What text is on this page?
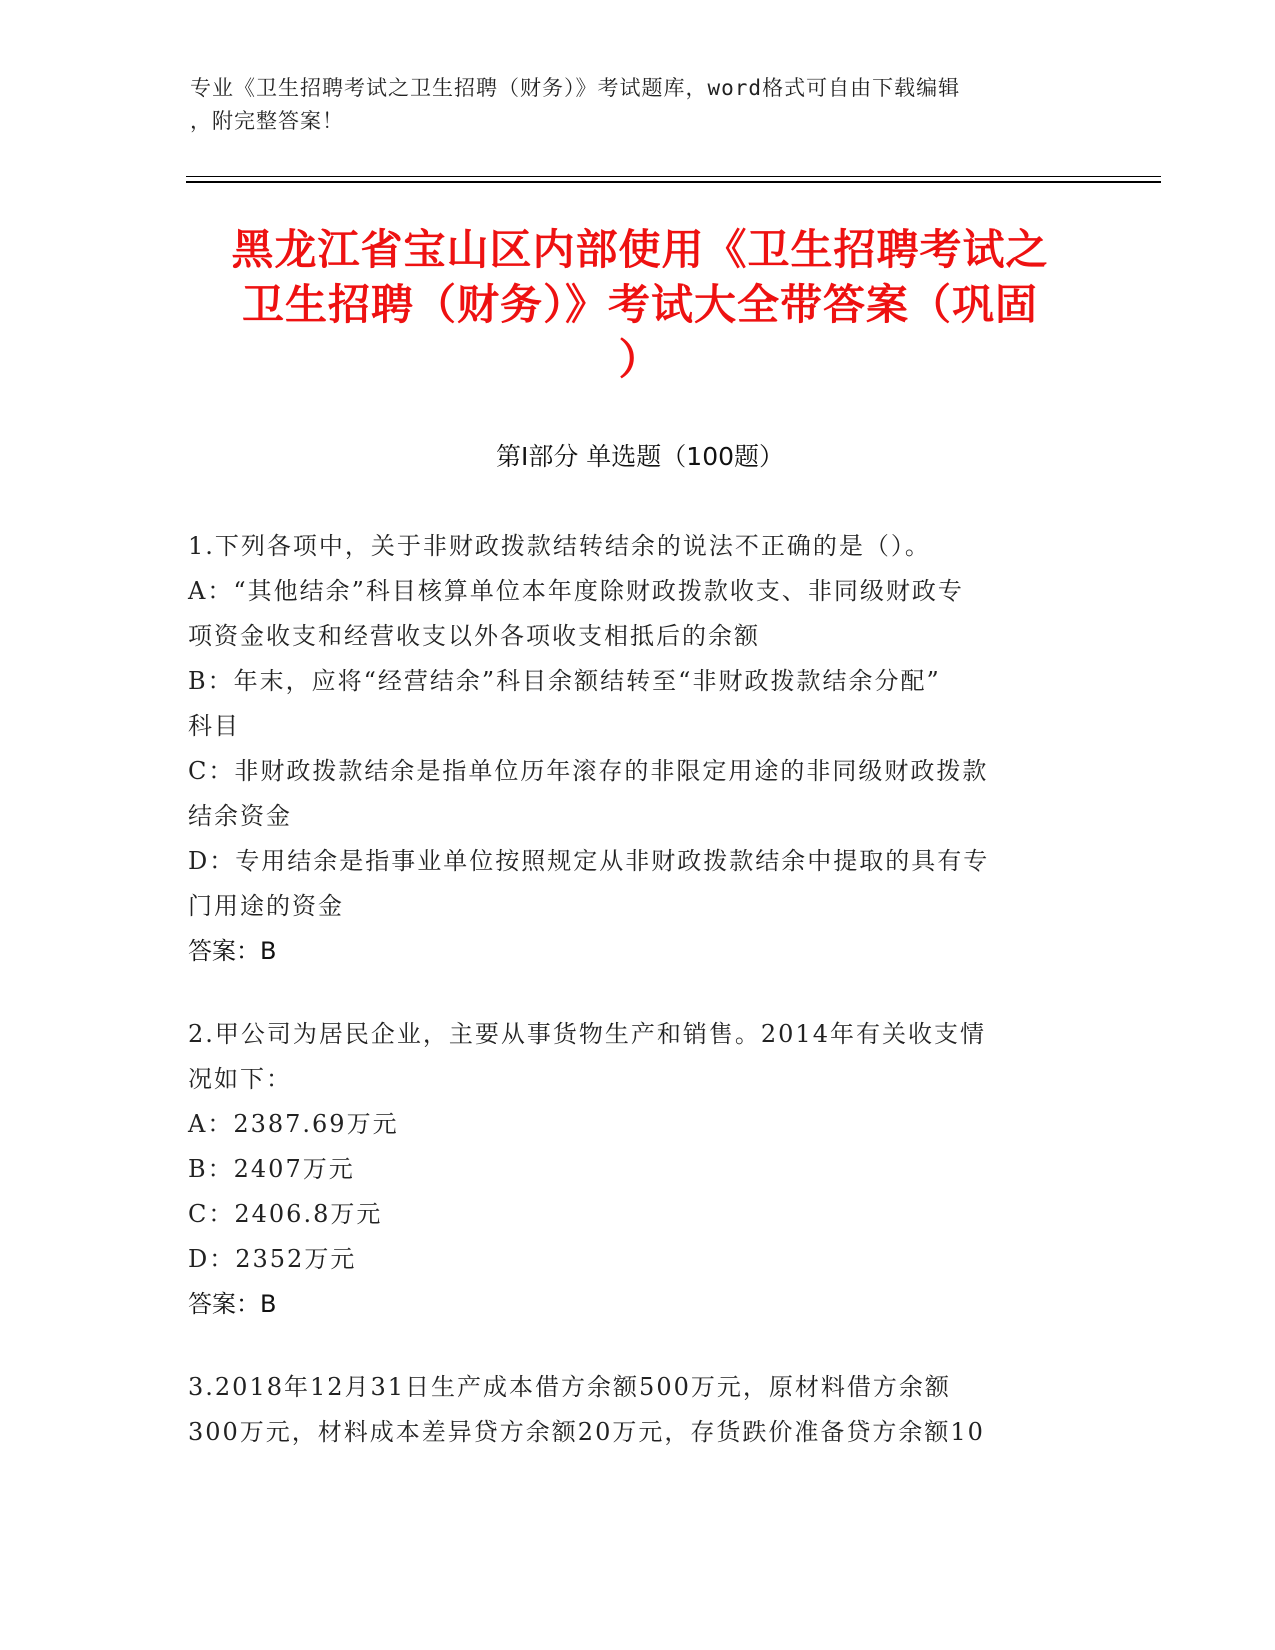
专业《卫生招聘考试之卫生招聘（财务）》考试题库，word格式可自由下载编辑
，附完整答案！
黑龙江省宝山区内部使用《卫生招聘考试之
卫生招聘（财务）》考试大全带答案（巩固
）
第Ⅰ部分 单选题（100题）
1.下列各项中，关于非财政拨款结转结余的说法不正确的是（）。
A：“其他结余”科目核算单位本年度除财政拨款收支、非同级财政专
项资金收支和经营收支以外各项收支相抵后的余额
B：年末，应将“经营结余”科目余额结转至“非财政拨款结余分配”
科目
C：非财政拨款结余是指单位历年滚存的非限定用途的非同级财政拨款
结余资金
D：专用结余是指事业单位按照规定从非财政拨款结余中提取的具有专
门用途的资金
答案：B
2.甲公司为居民企业，主要从事货物生产和销售。2014年有关收支情
况如下：
A：2387.69万元
B：2407万元
C：2406.8万元
D：2352万元
答案：B
3.2018年12月31日生产成本借方余额500万元，原材料借方余额
300万元，材料成本差异贷方余额20万元，存货跌价准备贷方余额10
